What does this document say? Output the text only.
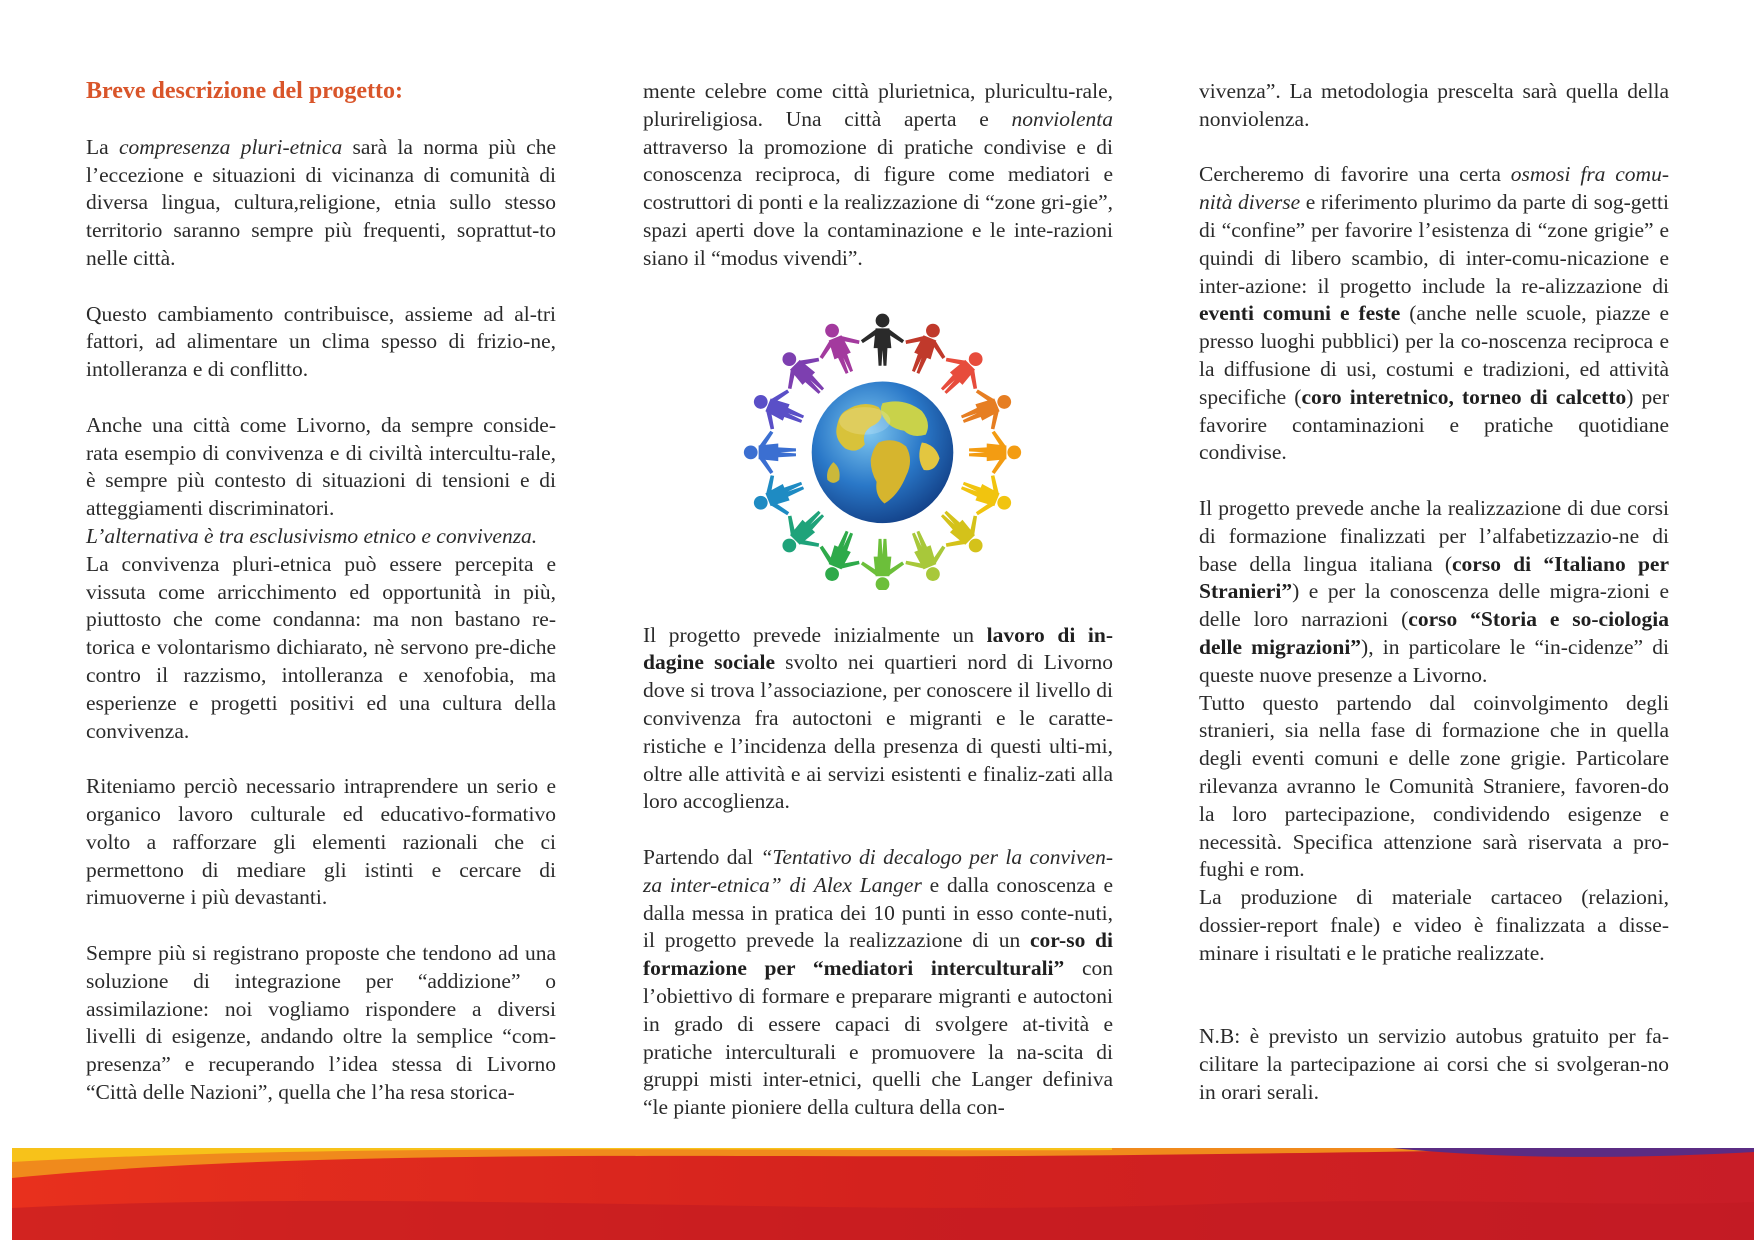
Breve descrizione del progetto:

La compresenza pluri-etnica sarà la norma più che l’eccezione e situazioni di vicinanza di comunità di diversa lingua, cultura,religione, etnia sullo stesso territorio saranno sempre più frequenti, soprattut-to nelle città.

Questo cambiamento contribuisce, assieme ad al-tri fattori, ad alimentare un clima spesso di frizio-ne, intolleranza e di conflitto.

Anche una città come Livorno, da sempre conside-rata esempio di convivenza e di civiltà intercultu-rale, è sempre più contesto di situazioni di tensioni e di atteggiamenti discriminatori.

L’alternativa è tra esclusivismo etnico e convivenza.

La convivenza pluri-etnica può essere percepita e vissuta come arricchimento ed opportunità in più, piuttosto che come condanna: ma non bastano re-torica e volontarismo dichiarato, nè servono pre-diche contro il razzismo, intolleranza e xenofobia, ma esperienze e progetti positivi ed una cultura della convivenza.

Riteniamo perciò necessario intraprendere un serio e organico lavoro culturale ed educativo-formativo volto a rafforzare gli elementi razionali che ci permettono di mediare gli istinti e cercare di rimuoverne i più devastanti.

Sempre più si registrano proposte che tendono ad una soluzione di integrazione per “addizione” o assimilazione: noi vogliamo rispondere a diversi livelli di esigenze, andando oltre la semplice “com-presenza” e recuperando l’idea stessa di Livorno “Città delle Nazioni”, quella che l’ha resa storica-

mente celebre come città plurietnica, pluricultu-rale, plurireligiosa. Una città aperta e nonviolenta attraverso la promozione di pratiche condivise e di conoscenza reciproca, di figure come mediatori e costruttori di ponti e la realizzazione di “zone gri-gie”, spazi aperti dove la contaminazione e le inte-razioni siano il “modus vivendi”.

Il progetto prevede inizialmente un lavoro di in-dagine sociale svolto nei quartieri nord di Livorno dove si trova l’associazione, per conoscere il livello di convivenza fra autoctoni e migranti e le caratte-ristiche e l’incidenza della presenza di questi ulti-mi, oltre alle attività e ai servizi esistenti e finaliz-zati alla loro accoglienza.

Partendo dal “Tentativo di decalogo per la conviven-za inter-etnica” di Alex Langer e dalla conoscenza e dalla messa in pratica dei 10 punti in esso conte-nuti, il progetto prevede la realizzazione di un cor-so di formazione per “mediatori interculturali” con l’obiettivo di formare e preparare migranti e autoctoni in grado di essere capaci di svolgere at-tività e pratiche interculturali e promuovere la na-scita di gruppi misti inter-etnici, quelli che Langer definiva “le piante pioniere della cultura della con-

vivenza”. La metodologia prescelta sarà quella della nonviolenza.

Cercheremo di favorire una certa osmosi fra comu-nità diverse e riferimento plurimo da parte di sog-getti di “confine” per favorire l’esistenza di “zone grigie” e quindi di libero scambio, di inter-comu-nicazione e inter-azione: il progetto include la re-alizzazione di eventi comuni e feste (anche nelle scuole, piazze e presso luoghi pubblici) per la co-noscenza reciproca e la diffusione di usi, costumi e tradizioni, ed attività specifiche (coro interetnico, torneo di calcetto) per favorire contaminazioni e pratiche quotidiane condivise.

Il progetto prevede anche la realizzazione di due corsi di formazione finalizzati per l’alfabetizzazio-ne di base della lingua italiana (corso di “Italiano per Stranieri”) e per la conoscenza delle migra-zioni e delle loro narrazioni (corso “Storia e so-ciologia delle migrazioni”), in particolare le “in-cidenze” di queste nuove presenze a Livorno.

Tutto questo partendo dal coinvolgimento degli stranieri, sia nella fase di formazione che in quella degli eventi comuni e delle zone grigie. Particolare rilevanza avranno le Comunità Straniere, favoren-do la loro partecipazione, condividendo esigenze e necessità. Specifica attenzione sarà riservata a pro-fughi e rom.

La produzione di materiale cartaceo (relazioni, dossier-report fnale) e video è finalizzata a disse-minare i risultati e le pratiche realizzate.

N.B: è previsto un servizio autobus gratuito per fa-cilitare la partecipazione ai corsi che si svolgeran-no in orari serali.
